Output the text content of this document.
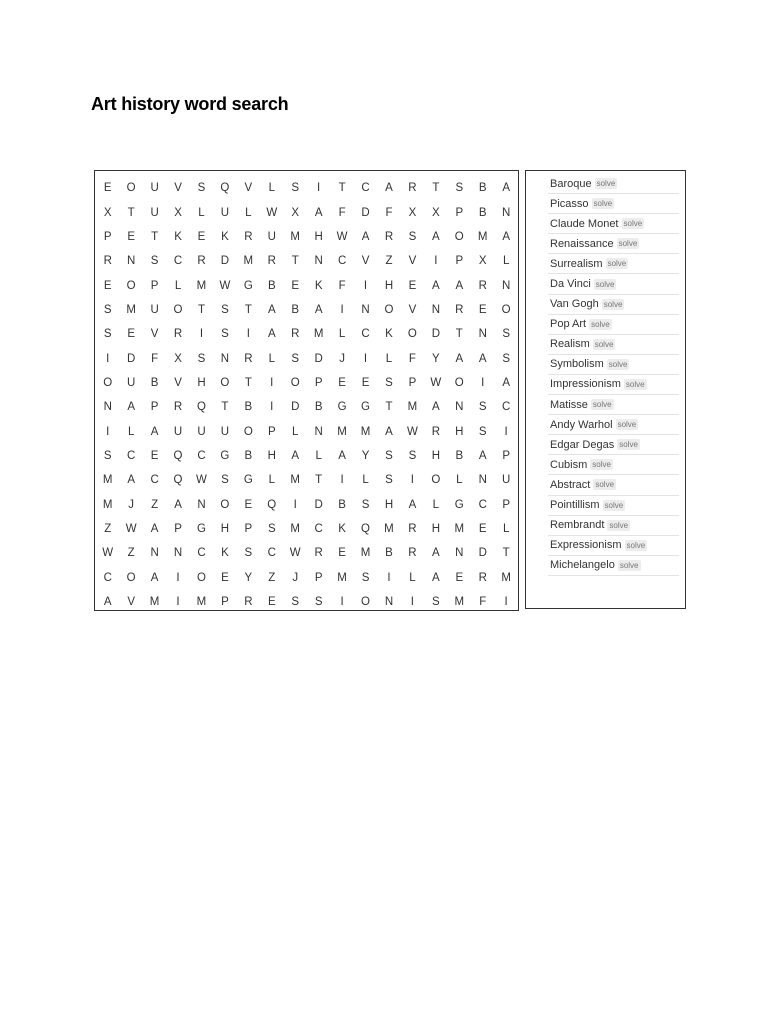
Art history word search
E	O	U	V	S	Q	V	L	S	I	T	C	A	R	T	S	B	A
X	T	U	X	L	U	L	W	X	A	F	D	F	X	X	P	B	N
P	E	T	K	E	K	R	U	M	H	W	A	R	S	A	O	M	A
R	N	S	C	R	D	M	R	T	N	C	V	Z	V	I	P	X	L
E	O	P	L	M	W	G	B	E	K	F	I	H	E	A	A	R	N
S	M	U	O	T	S	T	A	B	A	I	N	O	V	N	R	E	O
S	E	V	R	I	S	I	A	R	M	L	C	K	O	D	T	N	S
I	D	F	X	S	N	R	L	S	D	J	I	L	F	Y	A	A	S
O	U	B	V	H	O	T	I	O	P	E	E	S	P	W	O	I	A
N	A	P	R	Q	T	B	I	D	B	G	G	T	M	A	N	S	C
I	L	A	U	U	U	O	P	L	N	M	M	A	W	R	H	S	I
S	C	E	Q	C	G	B	H	A	L	A	Y	S	S	H	B	A	P
M	A	C	Q	W	S	G	L	M	T	I	L	S	I	O	L	N	U
M	J	Z	A	N	O	E	Q	I	D	B	S	H	A	L	G	C	P
Z	W	A	P	G	H	P	S	M	C	K	Q	M	R	H	M	E	L
W	Z	N	N	C	K	S	C	W	R	E	M	B	R	A	N	D	T
C	O	A	I	O	E	Y	Z	J	P	M	S	I	L	A	E	R	M
A	V	M	I	M	P	R	E	S	S	I	O	N	I	S	M	F	I
Baroque solve
Picasso solve
Claude Monet solve
Renaissance solve
Surrealism solve
Da Vinci solve
Van Gogh solve
Pop Art solve
Realism solve
Symbolism solve
Impressionism solve
Matisse solve
Andy Warhol solve
Edgar Degas solve
Cubism solve
Abstract solve
Pointillism solve
Rembrandt solve
Expressionism solve
Michelangelo solve
